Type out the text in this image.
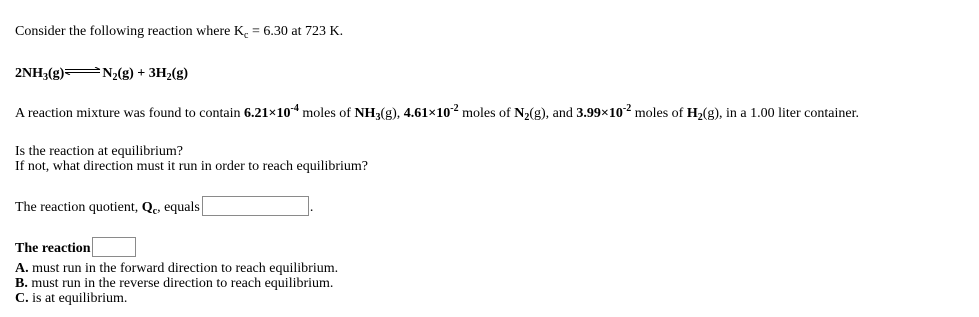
Consider the following reaction where $K_c = 6.30$ at 723 K.
$2NH_3(g)\rightleftharpoons N_2(g) + 3H_2(g)$
A reaction mixture was found to contain $6.21\times 10^{-4}$ moles of $NH_3(g)$, $4.61\times 10^{-2}$ moles of $N_2(g)$, and $3.99\times 10^{-2}$ moles of $H_2(g)$, in a 1.00 liter container.
Is the reaction at equilibrium?
If not, what direction must it run in order to reach equilibrium?
The reaction quotient, $Q_c$, equals	.
The reaction
A. must run in the forward direction to reach equilibrium.
B. must run in the reverse direction to reach equilibrium.
C. is at equilibrium.
